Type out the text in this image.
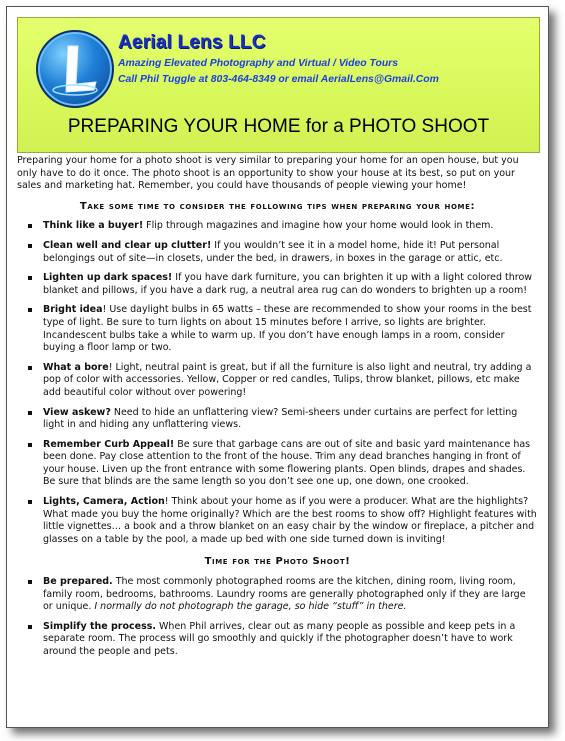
Aerial Lens LLC
Amazing Elevated Photography and Virtual / Video Tours
Call Phil Tuggle at 803-464-8349 or email AerialLens@Gmail.Com
PREPARING YOUR HOME for a PHOTO SHOOT

Preparing your home for a photo shoot is very similar to preparing your home for an open house, but you only have to do it once. The photo shoot is an opportunity to show your house at its best, so put on your sales and marketing hat. Remember, you could have thousands of people viewing your home!

Take some time to consider the following tips when preparing your home:
Think like a buyer! Flip through magazines and imagine how your home would look in them.
Clean well and clear up clutter! If you wouldn’t see it in a model home, hide it! Put personal belongings out of site—in closets, under the bed, in drawers, in boxes in the garage or attic, etc.
Lighten up dark spaces! If you have dark furniture, you can brighten it up with a light colored throw blanket and pillows, if you have a dark rug, a neutral area rug can do wonders to brighten up a room!
Bright idea! Use daylight bulbs in 65 watts – these are recommended to show your rooms in the best type of light. Be sure to turn lights on about 15 minutes before I arrive, so lights are brighter. Incandescent bulbs take a while to warm up. If you don’t have enough lamps in a room, consider buying a floor lamp or two.
What a bore! Light, neutral paint is great, but if all the furniture is also light and neutral, try adding a pop of color with accessories. Yellow, Copper or red candles, Tulips, throw blanket, pillows, etc make add beautiful color without over powering!
View askew? Need to hide an unflattering view? Semi-sheers under curtains are perfect for letting light in and hiding any unflattering views.
Remember Curb Appeal! Be sure that garbage cans are out of site and basic yard maintenance has been done. Pay close attention to the front of the house. Trim any dead branches hanging in front of your house. Liven up the front entrance with some flowering plants. Open blinds, drapes and shades. Be sure that blinds are the same length so you don’t see one up, one down, one crooked.
Lights, Camera, Action! Think about your home as if you were a producer. What are the highlights? What made you buy the home originally? Which are the best rooms to show off? Highlight features with little vignettes… a book and a throw blanket on an easy chair by the window or fireplace, a pitcher and glasses on a table by the pool, a made up bed with one side turned down is inviting!
Time for the Photo Shoot!
Be prepared. The most commonly photographed rooms are the kitchen, dining room, living room, family room, bedrooms, bathrooms. Laundry rooms are generally photographed only if they are large or unique. I normally do not photograph the garage, so hide “stuff” in there.
Simplify the process. When Phil arrives, clear out as many people as possible and keep pets in a separate room. The process will go smoothly and quickly if the photographer doesn’t have to work around the people and pets.
